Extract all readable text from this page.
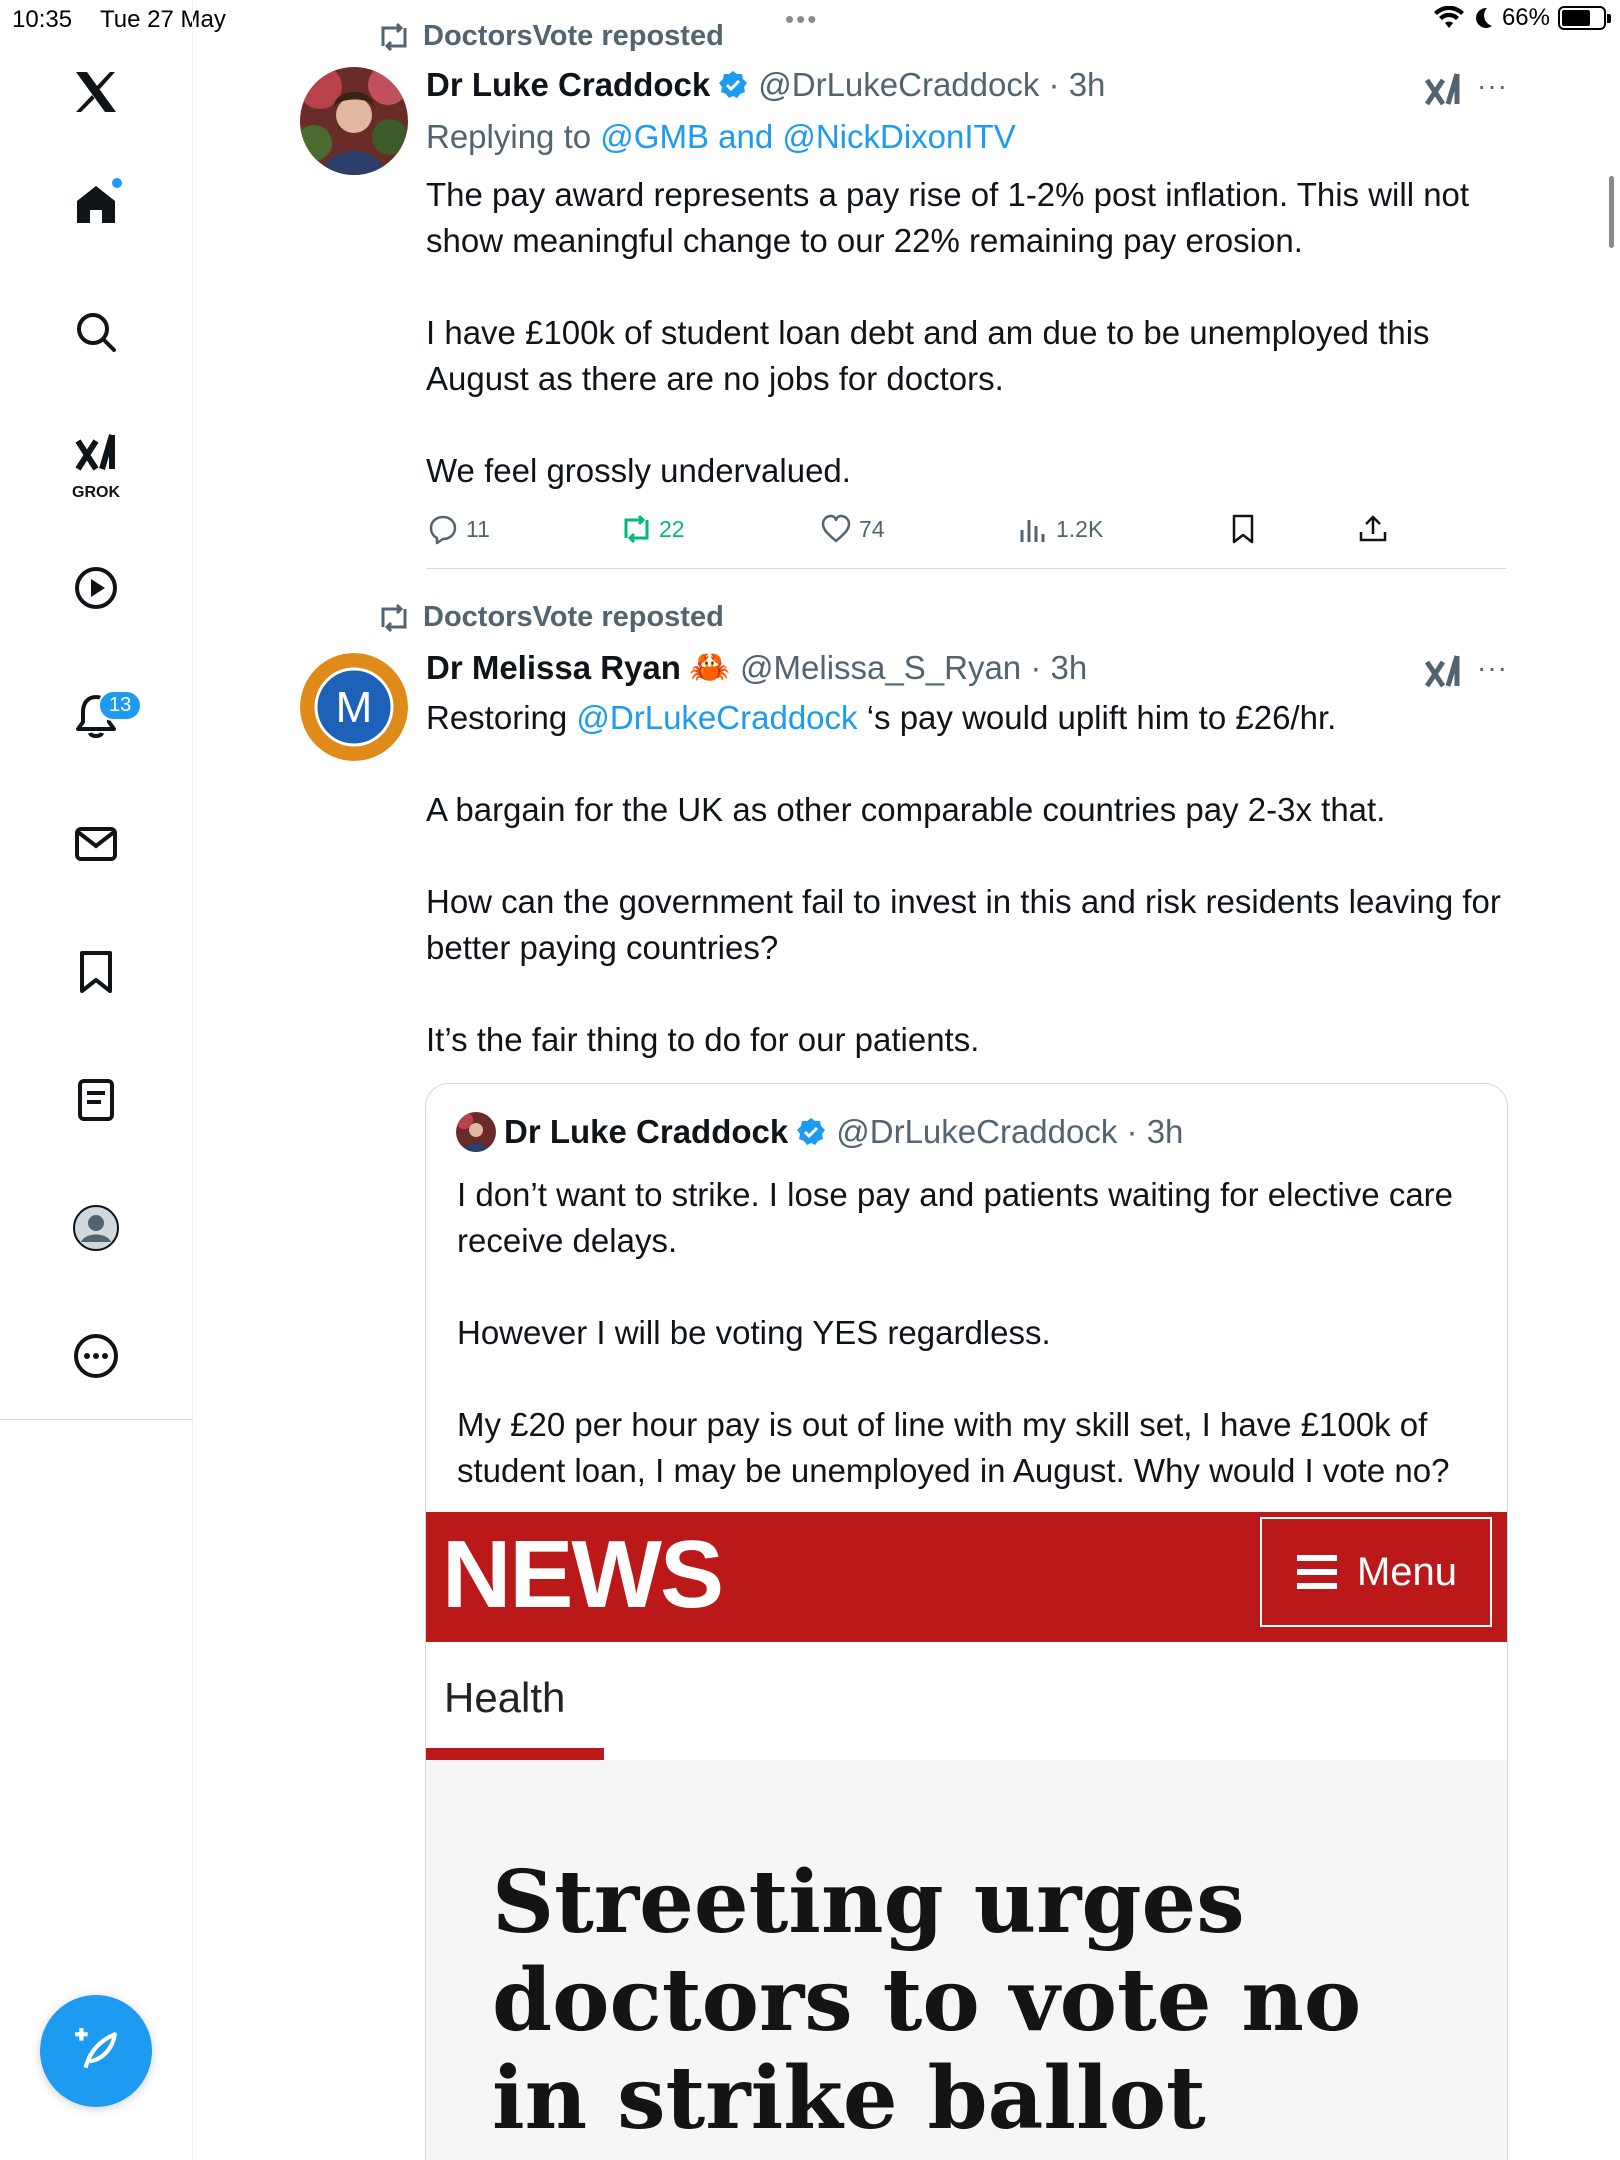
10:35 Tue 27 May	•••	66%
GROK
13
DoctorsVote reposted
Dr Luke Craddock @DrLukeCraddock · 3h	···
Replying to @GMB and @NickDixonITV
The pay award represents a pay rise of 1-2% post inflation. This will not show meaningful change to our 22% remaining pay erosion.
I have £100k of student loan debt and am due to be unemployed this August as there are no jobs for doctors.
We feel grossly undervalued.
11	22	74	1.2K
DoctorsVote reposted
M
Dr Melissa Ryan 🦀 @Melissa_S_Ryan · 3h	···
Restoring @DrLukeCraddock ‘s pay would uplift him to £26/hr.
A bargain for the UK as other comparable countries pay 2-3x that.
How can the government fail to invest in this and risk residents leaving for better paying countries?
It’s the fair thing to do for our patients.
Dr Luke Craddock @DrLukeCraddock · 3h
I don’t want to strike. I lose pay and patients waiting for elective care receive delays.
However I will be voting YES regardless.
My £20 per hour pay is out of line with my skill set, I have £100k of student loan, I may be unemployed in August. Why would I vote no?
NEWS	Menu
Health
Streeting urges doctors to vote no in strike ballot
